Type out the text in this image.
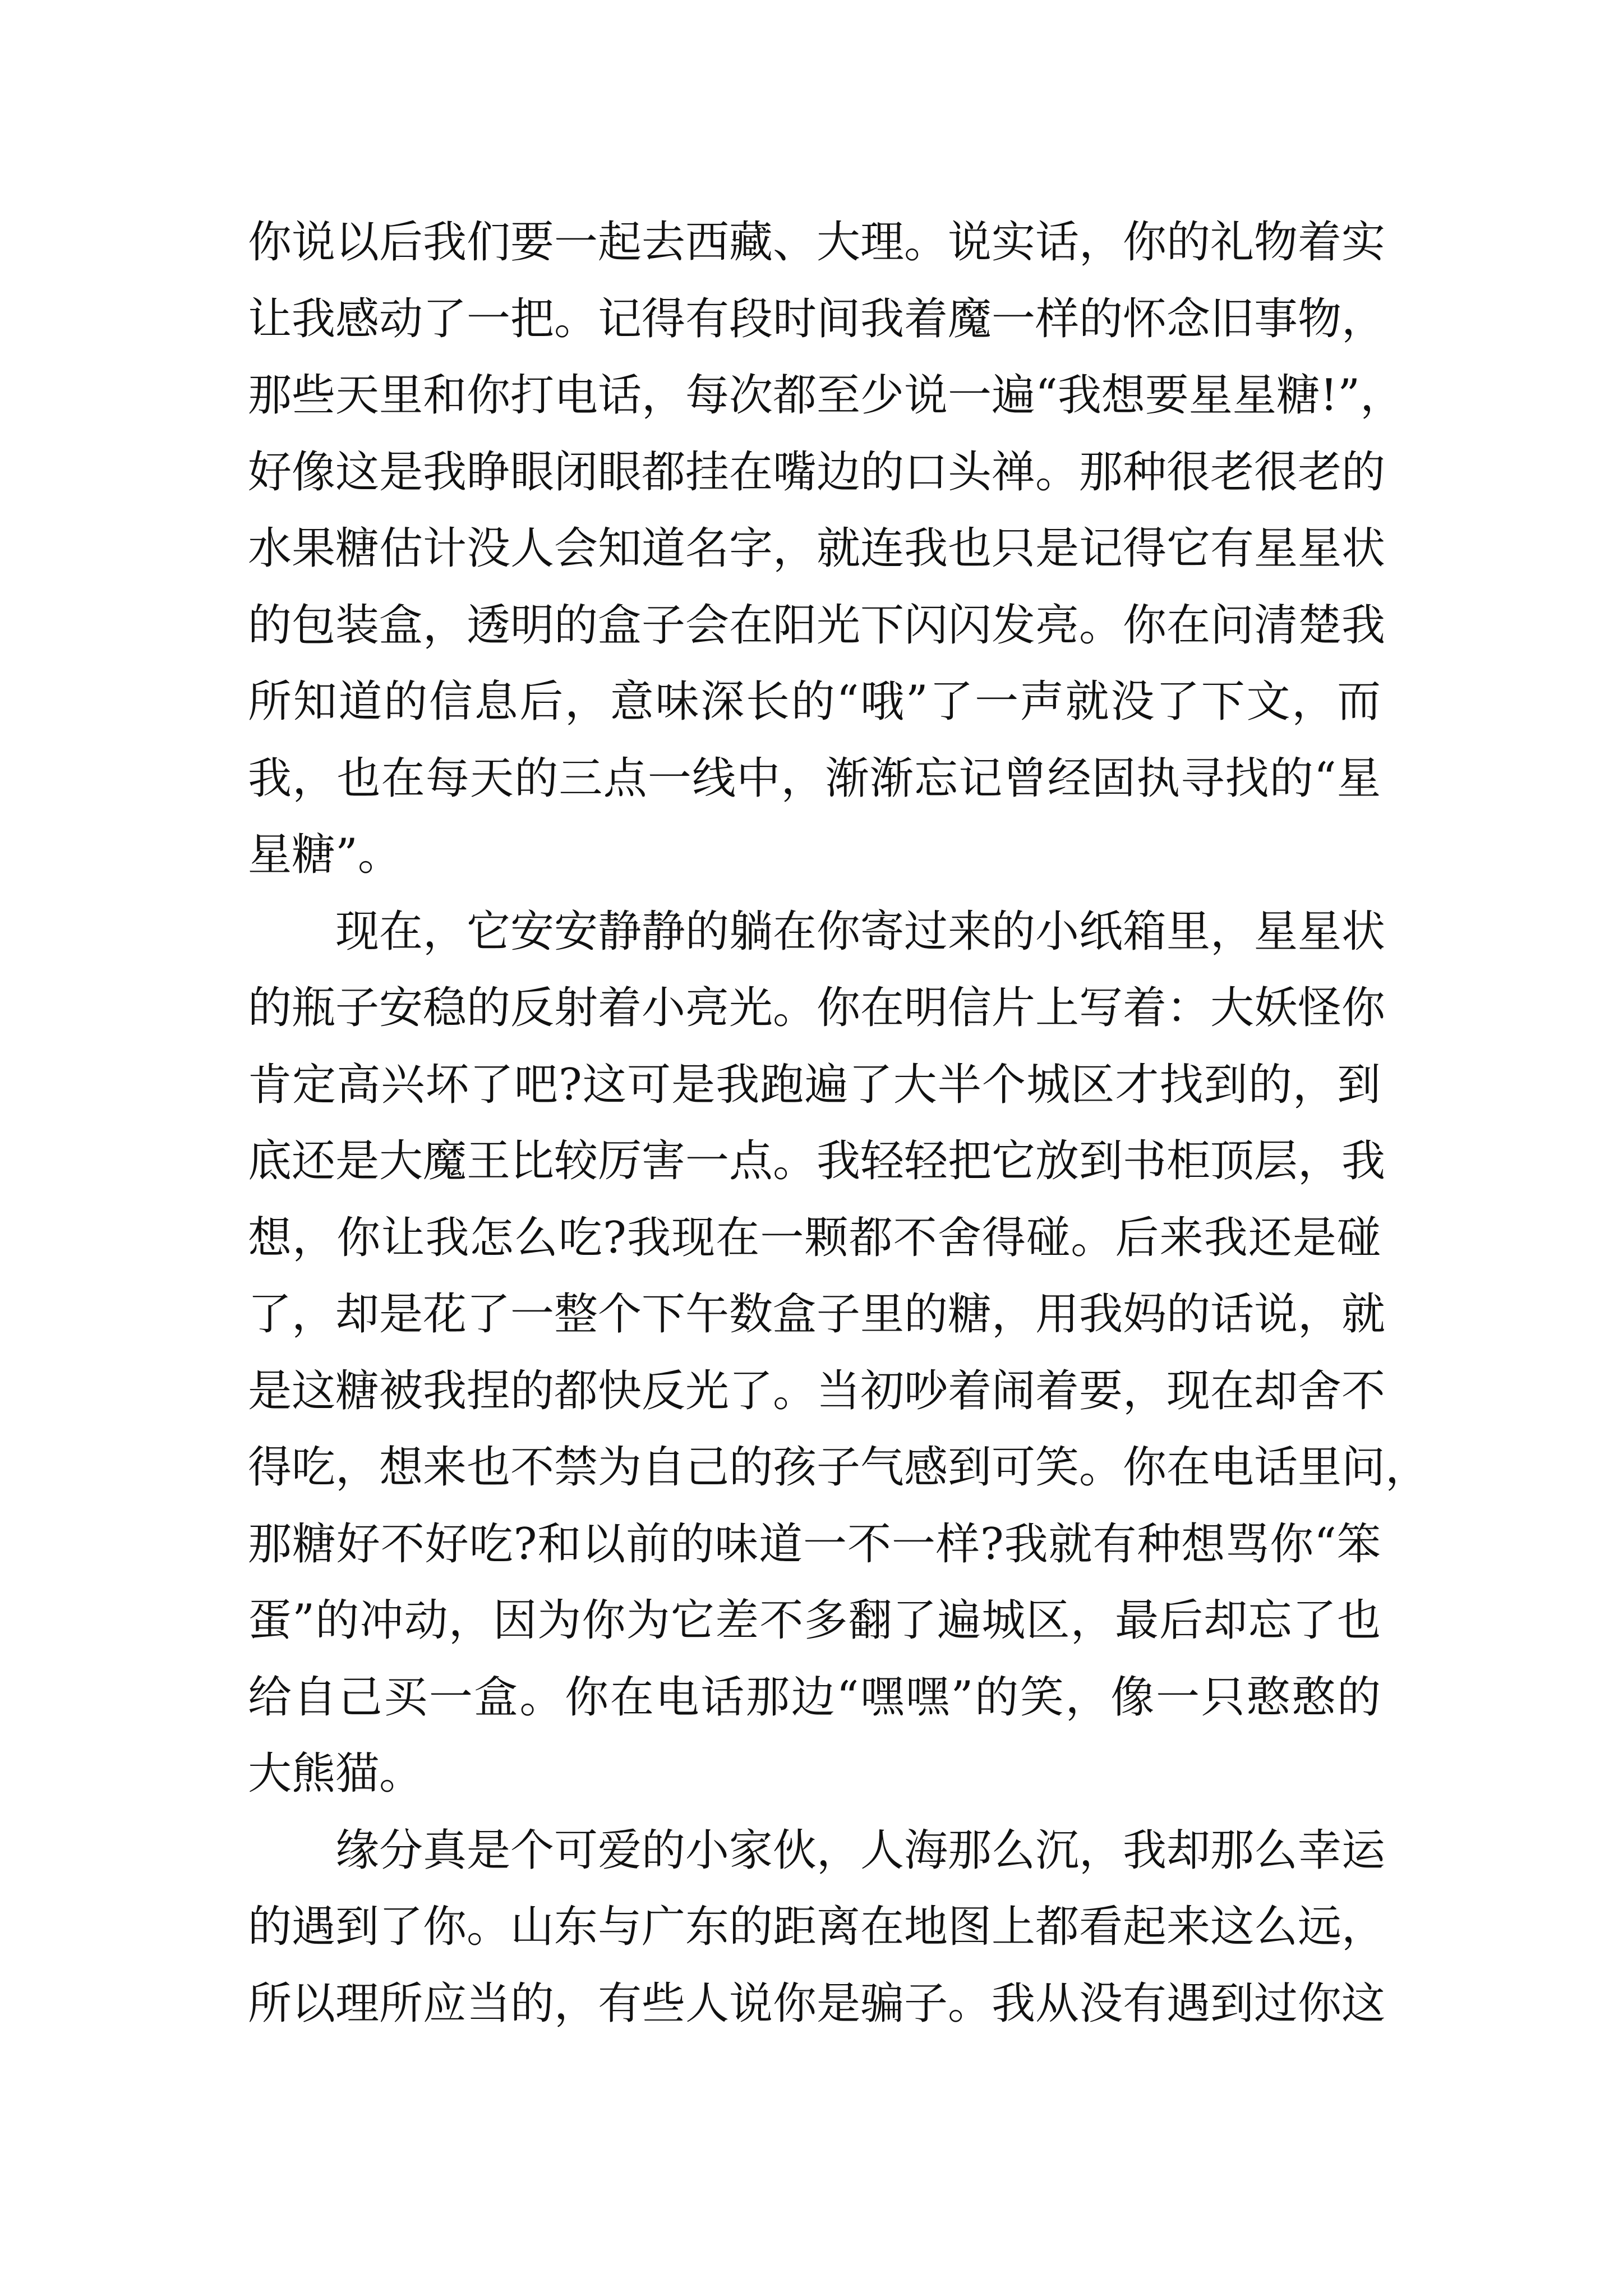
你说以后我们要一起去西藏、大理。说实话，你的礼物着实
让我感动了一把。记得有段时间我着魔一样的怀念旧事物，
那些天里和你打电话，每次都至少说一遍“我想要星星糖!”，
好像这是我睁眼闭眼都挂在嘴边的口头禅。那种很老很老的
水果糖估计没人会知道名字，就连我也只是记得它有星星状
的包装盒，透明的盒子会在阳光下闪闪发亮。你在问清楚我
所知道的信息后，意味深长的“哦”了一声就没了下文，而
我，也在每天的三点一线中，渐渐忘记曾经固执寻找的“星
星糖”。
现在，它安安静静的躺在你寄过来的小纸箱里，星星状
的瓶子安稳的反射着小亮光。你在明信片上写着：大妖怪你
肯定高兴坏了吧?这可是我跑遍了大半个城区才找到的，到
底还是大魔王比较厉害一点。我轻轻把它放到书柜顶层，我
想，你让我怎么吃?我现在一颗都不舍得碰。后来我还是碰
了，却是花了一整个下午数盒子里的糖，用我妈的话说，就
是这糖被我捏的都快反光了。当初吵着闹着要，现在却舍不
得吃，想来也不禁为自己的孩子气感到可笑。你在电话里问，
那糖好不好吃?和以前的味道一不一样?我就有种想骂你“笨
蛋”的冲动，因为你为它差不多翻了遍城区，最后却忘了也
给自己买一盒。你在电话那边“嘿嘿”的笑，像一只憨憨的
大熊猫。
缘分真是个可爱的小家伙，人海那么沉，我却那么幸运
的遇到了你。山东与广东的距离在地图上都看起来这么远，
所以理所应当的，有些人说你是骗子。我从没有遇到过你这
